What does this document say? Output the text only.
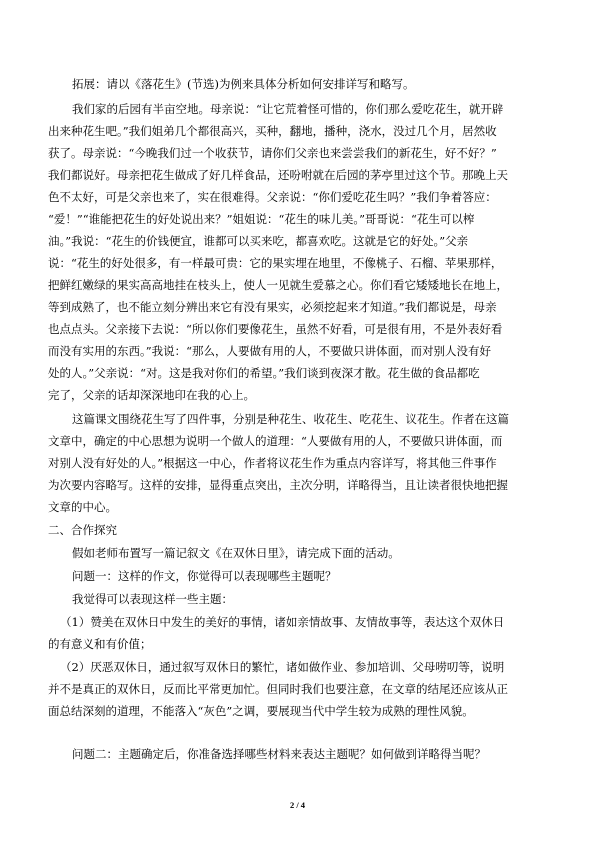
拓展：请以《落花生》(节选)为例来具体分析如何安排详写和略写。
我们家的后园有半亩空地。母亲说：“让它荒着怪可惜的，你们那么爱吃花生，就开辟
出来种花生吧。”我们姐弟几个都很高兴，买种，翻地，播种，浇水，没过几个月，居然收
获了。母亲说：“今晚我们过一个收获节，请你们父亲也来尝尝我们的新花生，好不好？”
我们都说好。母亲把花生做成了好几样食品，还吩咐就在后园的茅亭里过这个节。那晚上天
色不太好，可是父亲也来了，实在很难得。父亲说：“你们爱吃花生吗？”我们争着答应：
“爱！”“谁能把花生的好处说出来？”姐姐说：“花生的味儿美。”哥哥说：“花生可以榨
油。”我说：“花生的价钱便宜，谁都可以买来吃，都喜欢吃。这就是它的好处。”父亲
说：“花生的好处很多，有一样最可贵：它的果实埋在地里，不像桃子、石榴、苹果那样，
把鲜红嫩绿的果实高高地挂在枝头上，使人一见就生爱慕之心。你们看它矮矮地长在地上，
等到成熟了，也不能立刻分辨出来它有没有果实，必须挖起来才知道。”我们都说是，母亲
也点点头。父亲接下去说：“所以你们要像花生，虽然不好看，可是很有用，不是外表好看
而没有实用的东西。”我说：“那么，人要做有用的人，不要做只讲体面，而对别人没有好
处的人。”父亲说：“对。这是我对你们的希望。”我们谈到夜深才散。花生做的食品都吃
完了，父亲的话却深深地印在我的心上。
这篇课文围绕花生写了四件事，分别是种花生、收花生、吃花生、议花生。作者在这篇
文章中，确定的中心思想为说明一个做人的道理：“人要做有用的人，不要做只讲体面，而
对别人没有好处的人。”根据这一中心，作者将议花生作为重点内容详写，将其他三件事作
为次要内容略写。这样的安排，显得重点突出，主次分明，详略得当，且让读者很快地把握
文章的中心。
二、合作探究
假如老师布置写一篇记叙文《在双休日里》，请完成下面的活动。
问题一：这样的作文，你觉得可以表现哪些主题呢？
我觉得可以表现这样一些主题：
（1）赞美在双休日中发生的美好的事情，诸如亲情故事、友情故事等，表达这个双休日
的有意义和有价值；
（2）厌恶双休日，通过叙写双休日的繁忙，诸如做作业、参加培训、父母唠叨等，说明
并不是真正的双休日，反而比平常更加忙。但同时我们也要注意，在文章的结尾还应该从正
面总结深刻的道理，不能落入“灰色”之调，要展现当代中学生较为成熟的理性风貌。
问题二：主题确定后，你准备选择哪些材料来表达主题呢？如何做到详略得当呢？
2 / 4
